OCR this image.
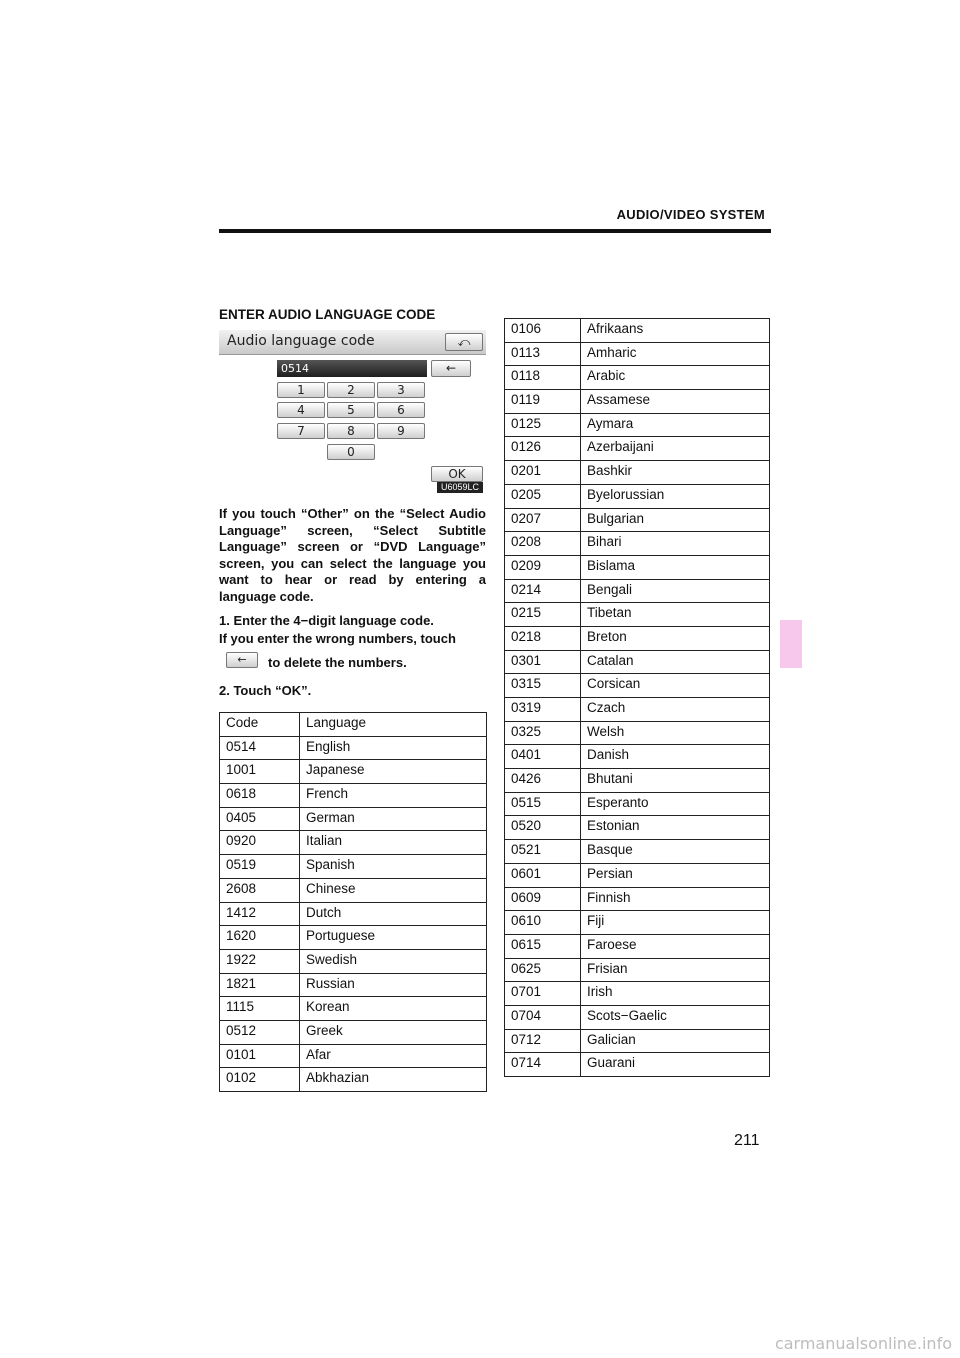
AUDIO/VIDEO SYSTEM
ENTER AUDIO LANGUAGE CODE
Audio language code	⤺
0514	←
1	2	3
4	5	6
7	8	9
0
OK
U6059LC
If you touch “Other” on the “Select Audio Language” screen, “Select Subtitle Language” screen or “DVD Language” screen, you can select the language you want to hear or read by entering a language code.
1. Enter the 4−digit language code.
If you enter the wrong numbers, touch
←	to delete the numbers.
2. Touch “OK”.
Code	Language
0514	English
1001	Japanese
0618	French
0405	German
0920	Italian
0519	Spanish
2608	Chinese
1412	Dutch
1620	Portuguese
1922	Swedish
1821	Russian
1115	Korean
0512	Greek
0101	Afar
0102	Abkhazian
0106	Afrikaans
0113	Amharic
0118	Arabic
0119	Assamese
0125	Aymara
0126	Azerbaijani
0201	Bashkir
0205	Byelorussian
0207	Bulgarian
0208	Bihari
0209	Bislama
0214	Bengali
0215	Tibetan
0218	Breton
0301	Catalan
0315	Corsican
0319	Czach
0325	Welsh
0401	Danish
0426	Bhutani
0515	Esperanto
0520	Estonian
0521	Basque
0601	Persian
0609	Finnish
0610	Fiji
0615	Faroese
0625	Frisian
0701	Irish
0704	Scots−Gaelic
0712	Galician
0714	Guarani
211
carmanualsonline.info
